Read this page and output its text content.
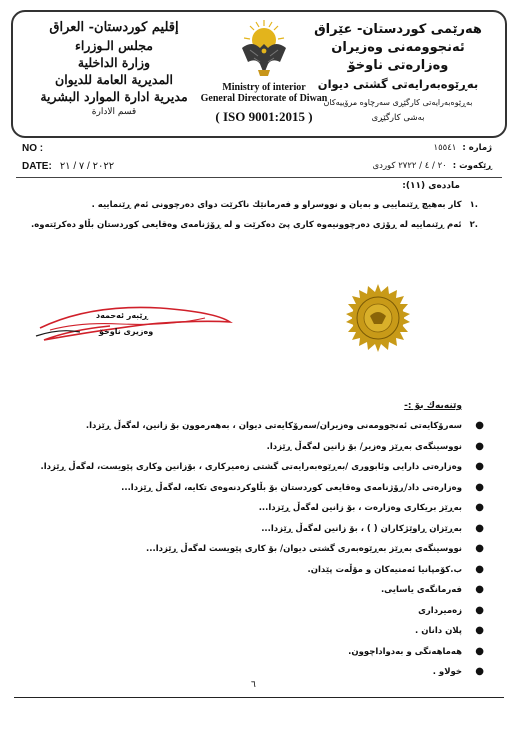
هەرێمی کوردستان- عێراق
ئەنجوومەنی وەزیران
وەزارەتی ناوخۆ
بەڕێوەبەرایەتی گشتی دیوان
بەڕێوەبەرایەتی کارگێڕی سەرچاوە مرۆییەکان
بەشی کارگێڕی
Ministry of interior
General Directorate of Diwan
( ISO 9001:2015 )
إقليم كوردستان- العراق
مجلس الـوزراء
وزارة الداخلية
المديرية العامة للديوان
مديرية ادارة الموارد البشرية
قسم الادارة
NO :
DATE: ٢٠٢٢ / ٧ / ٢١
ژمارە :١٥٥٤١
ڕێکەوت :٢٠ / ٤ / ٢٧٢٢ کوردی
ماددەی (١١):
.١کار بەهیچ ڕێنماییی و بەیان و نووسراو و فەرمانێك ناکرێت دوای دەرچوونی ئەم ڕێنماییە .
.٢ئەم ڕێنماییە لە ڕۆژی دەرچوونیەوە کاری پێ دەکرێت و لە ڕۆژنامەی وەقایعی کوردستان بڵاو دەکرێتەوە.
ڕێبەر ئەحمەد
وەزیری ناوخۆ
وێنەیەك بۆ :-
●
سەرۆکایەتی ئەنجوومەنی وەزیران/سەرۆکایەتی دیوان ، بەهەرموون بۆ زانین، لەگەڵ ڕێزدا.
●
نووسینگەی بەڕێز وەزیر/ بۆ زانین لەگەڵ ڕێزدا.
●
وەزارەتی دارایی وئابووری /بەڕێوەبەرایەتی گشتی زەمیرکاری ، بۆزانین وکاری پێویست، لەگەڵ ڕێزدا.
●
وەزارەتی داد/ڕۆژنامەی وەقایعی کوردستان بۆ بڵاوکردنەوەی تکایە، لەگەڵ ڕێزدا...
●
بەڕێز بریکاری وەزارەت ، بۆ زانین لەگەڵ ڕێزدا...
●
بەڕێزان ڕاوێژکاران ( ) ، بۆ زانین لەگەڵ ڕێزدا...
●
نووسینگەی بەڕێز بەڕێوەبەری گشتی دیوان/ بۆ کاری پێویست لەگەڵ ڕێزدا...
●
ب.کۆمپانیا ئەمنیەکان و مۆڵەت پێدان.
●
فەرمانگەی یاسایی.
●
زەمیرداری
●
پلان دانان .
●
هەماهەنگی و بەدواداچوون.
●
خولاو .
٦
